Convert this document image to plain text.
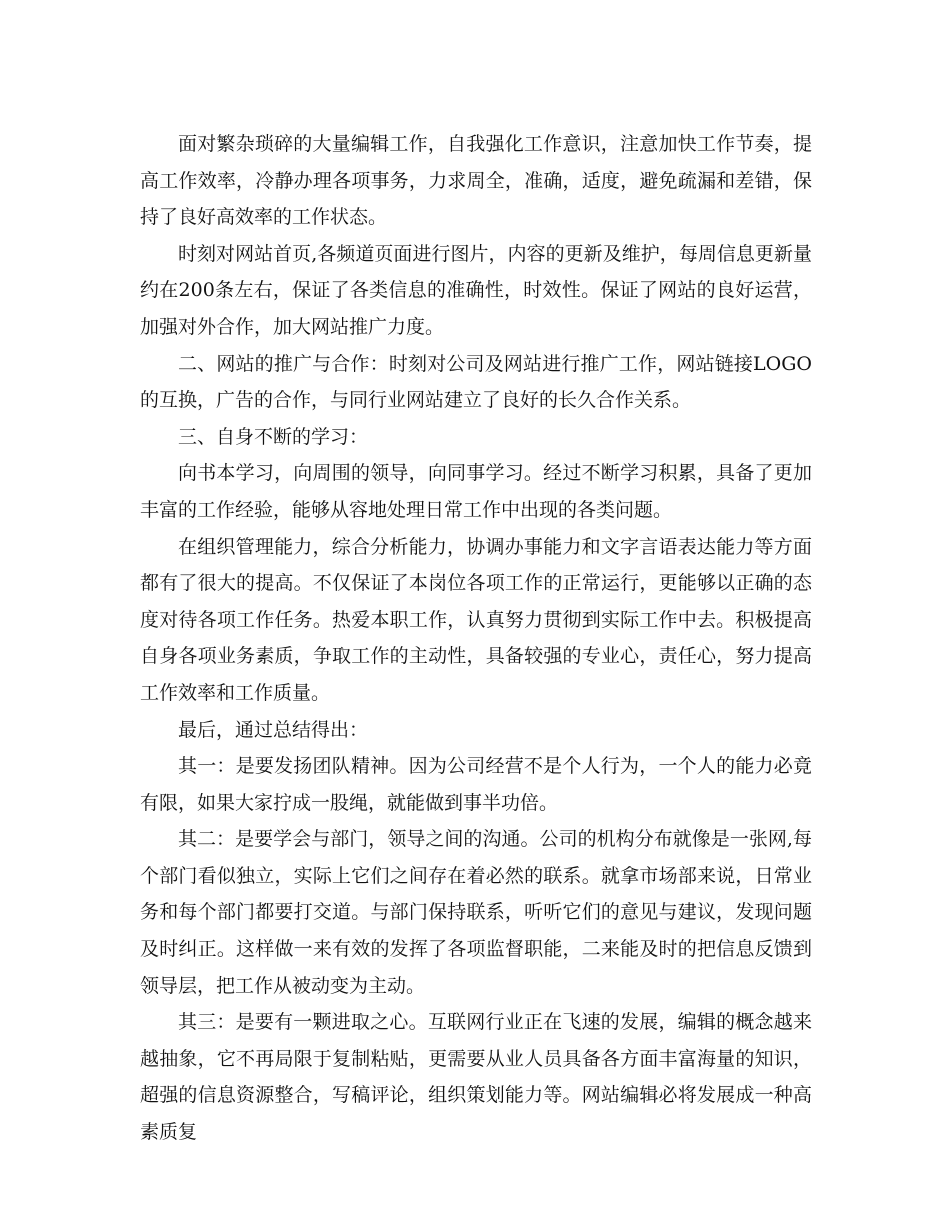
面对繁杂琐碎的大量编辑工作，自我强化工作意识，注意加快工作节奏，提高工作效率，冷静办理各项事务，力求周全，准确，适度，避免疏漏和差错，保持了良好高效率的工作状态。

时刻对网站首页,各频道页面进行图片，内容的更新及维护，每周信息更新量约在200条左右，保证了各类信息的准确性，时效性。保证了网站的良好运营，加强对外合作，加大网站推广力度。

二、网站的推广与合作：时刻对公司及网站进行推广工作，网站链接LOGO的互换，广告的合作，与同行业网站建立了良好的长久合作关系。

三、自身不断的学习：

向书本学习，向周围的领导，向同事学习。经过不断学习积累，具备了更加丰富的工作经验，能够从容地处理日常工作中出现的各类问题。

在组织管理能力，综合分析能力，协调办事能力和文字言语表达能力等方面都有了很大的提高。不仅保证了本岗位各项工作的正常运行，更能够以正确的态度对待各项工作任务。热爱本职工作，认真努力贯彻到实际工作中去。积极提高自身各项业务素质，争取工作的主动性，具备较强的专业心，责任心，努力提高工作效率和工作质量。

最后，通过总结得出：

其一：是要发扬团队精神。因为公司经营不是个人行为，一个人的能力必竟有限，如果大家拧成一股绳，就能做到事半功倍。

其二：是要学会与部门，领导之间的沟通。公司的机构分布就像是一张网,每个部门看似独立，实际上它们之间存在着必然的联系。就拿市场部来说，日常业务和每个部门都要打交道。与部门保持联系，听听它们的意见与建议，发现问题及时纠正。这样做一来有效的发挥了各项监督职能，二来能及时的把信息反馈到领导层，把工作从被动变为主动。

其三：是要有一颗进取之心。互联网行业正在飞速的发展，编辑的概念越来越抽象，它不再局限于复制粘贴，更需要从业人员具备各方面丰富海量的知识，超强的信息资源整合，写稿评论，组织策划能力等。网站编辑必将发展成一种高素质复
